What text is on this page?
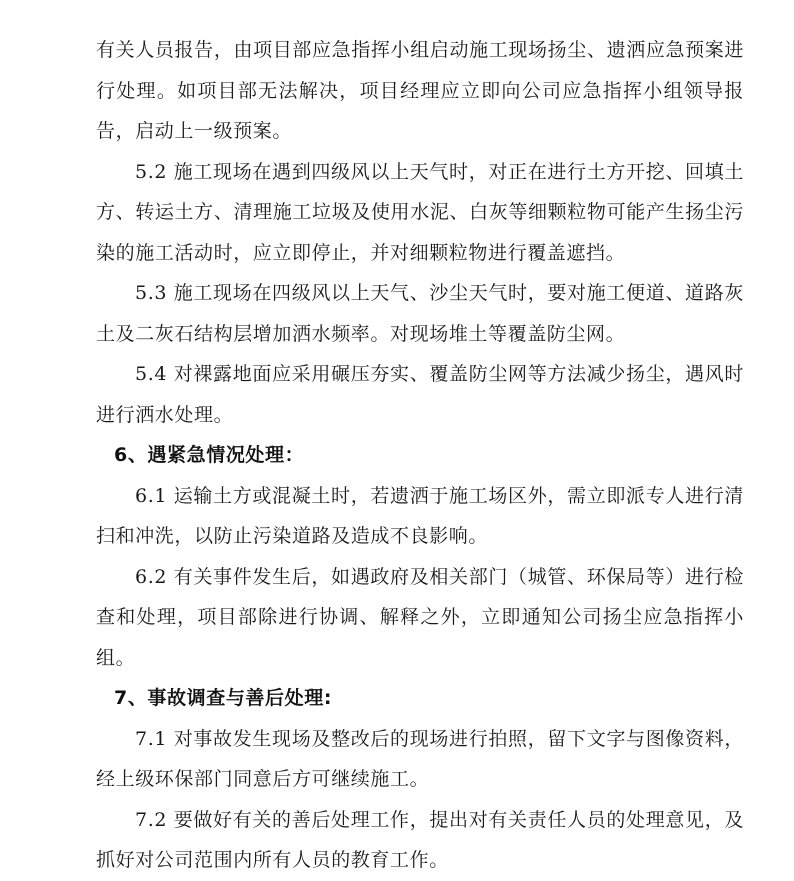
有关人员报告，由项目部应急指挥小组启动施工现场扬尘、遗洒应急预案进行处理。如项目部无法解决，项目经理应立即向公司应急指挥小组领导报告，启动上一级预案。

5.2 施工现场在遇到四级风以上天气时，对正在进行土方开挖、回填土方、转运土方、清理施工垃圾及使用水泥、白灰等细颗粒物可能产生扬尘污染的施工活动时，应立即停止，并对细颗粒物进行覆盖遮挡。

5.3 施工现场在四级风以上天气、沙尘天气时，要对施工便道、道路灰土及二灰石结构层增加洒水频率。对现场堆土等覆盖防尘网。

5.4 对裸露地面应采用碾压夯实、覆盖防尘网等方法减少扬尘，遇风时进行洒水处理。

6、遇紧急情况处理：

6.1 运输土方或混凝土时，若遗洒于施工场区外，需立即派专人进行清扫和冲洗，以防止污染道路及造成不良影响。

6.2 有关事件发生后，如遇政府及相关部门（城管、环保局等）进行检查和处理，项目部除进行协调、解释之外，立即通知公司扬尘应急指挥小组。

7、事故调查与善后处理:

7.1 对事故发生现场及整改后的现场进行拍照，留下文字与图像资料，经上级环保部门同意后方可继续施工。

7.2 要做好有关的善后处理工作，提出对有关责任人员的处理意见，及抓好对公司范围内所有人员的教育工作。
